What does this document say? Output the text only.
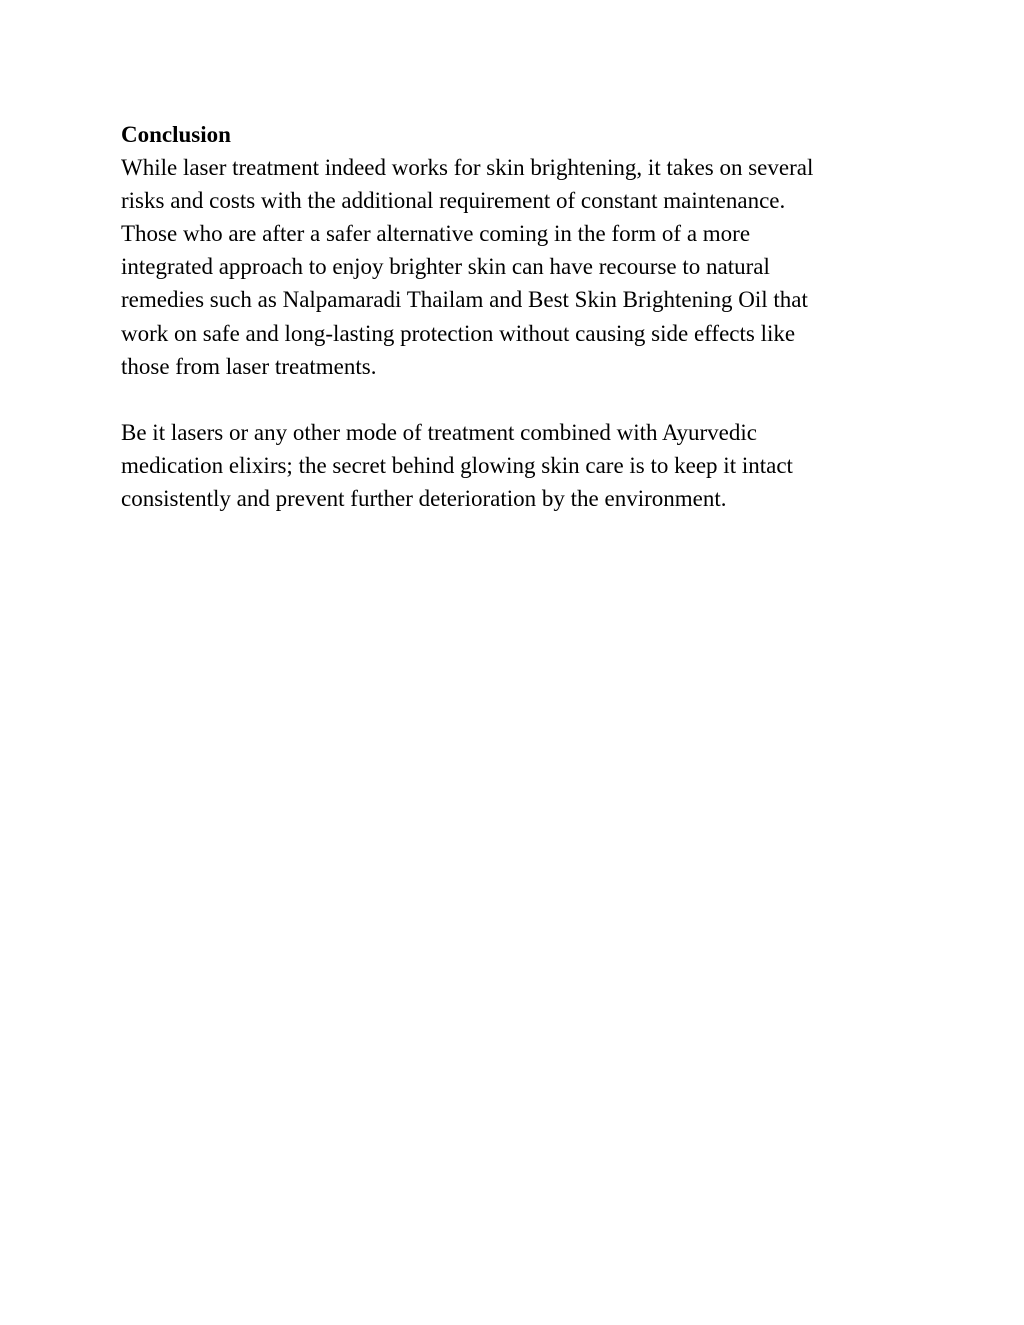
Conclusion

While laser treatment indeed works for skin brightening, it takes on several
risks and costs with the additional requirement of constant maintenance.
Those who are after a safer alternative coming in the form of a more
integrated approach to enjoy brighter skin can have recourse to natural
remedies such as Nalpamaradi Thailam and Best Skin Brightening Oil that
work on safe and long-lasting protection without causing side effects like
those from laser treatments.

Be it lasers or any other mode of treatment combined with Ayurvedic
medication elixirs; the secret behind glowing skin care is to keep it intact
consistently and prevent further deterioration by the environment.
